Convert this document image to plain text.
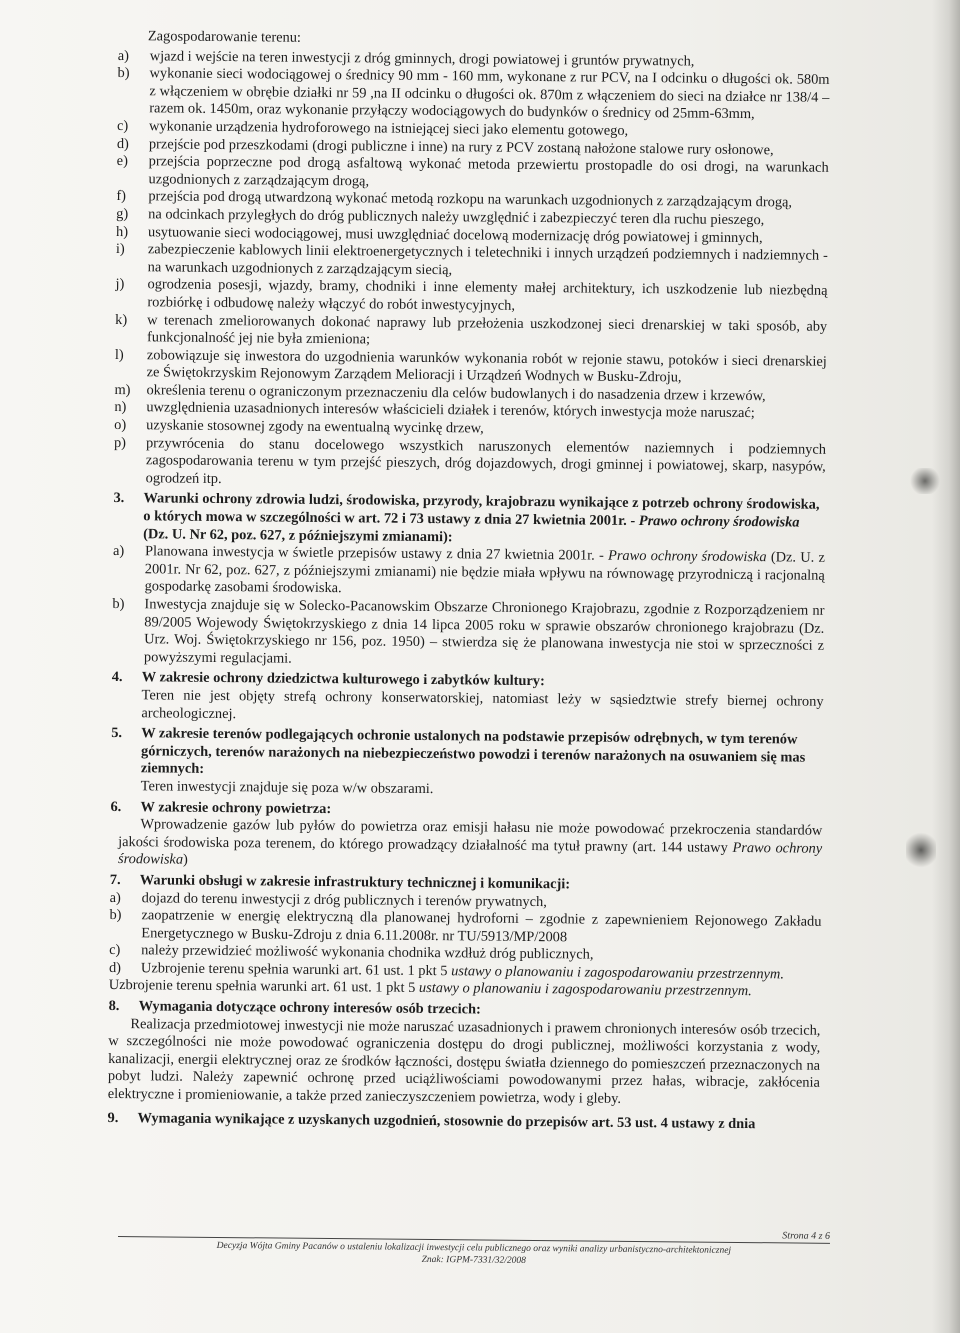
Zagospodarowanie terenu:
a)	wjazd i wejście na teren inwestycji z dróg gminnych, drogi powiatowej i gruntów prywatnych,
b)	wykonanie sieci wodociągowej o średnicy 90 mm - 160 mm, wykonane z rur PCV, na I odcinku o długości ok. 580m z włączeniem w obrębie działki nr 59 ,na II odcinku o długości ok. 870m z włączeniem do sieci na działce nr 138/4 – razem ok. 1450m, oraz wykonanie przyłączy wodociągowych do budynków o średnicy od 25mm-63mm,
c)	wykonanie urządzenia hydroforowego na istniejącej sieci jako elementu gotowego,
d)	przejście pod przeszkodami (drogi publiczne i inne) na rury z PCV zostaną nałożone stalowe rury osłonowe,
e)	przejścia poprzeczne pod drogą asfaltową wykonać metoda przewiertu prostopadle do osi drogi, na warunkach uzgodnionych z zarządzającym drogą,
f)	przejścia pod drogą utwardzoną wykonać metodą rozkopu na warunkach uzgodnionych z zarządzającym drogą,
g)	na odcinkach przyległych do dróg publicznych należy uwzględnić i zabezpieczyć teren dla ruchu pieszego,
h)	usytuowanie sieci wodociągowej, musi uwzględniać docelową modernizację dróg powiatowej i gminnych,
i)	zabezpieczenie kablowych linii elektroenergetycznych i teletechniki i innych urządzeń podziemnych i nadziemnych - na warunkach uzgodnionych z zarządzającym siecią,
j)	ogrodzenia posesji, wjazdy, bramy, chodniki i inne elementy małej architektury, ich uszkodzenie lub niezbędną rozbiórkę i odbudowę należy włączyć do robót inwestycyjnych,
k)	w terenach zmeliorowanych dokonać naprawy lub przełożenia uszkodzonej sieci drenarskiej w taki sposób, aby funkcjonalność jej nie była zmieniona;
l)	zobowiązuje się inwestora do uzgodnienia warunków wykonania robót w rejonie stawu, potoków i sieci drenarskiej ze Świętokrzyskim Rejonowym Zarządem Melioracji i Urządzeń Wodnych w Busku-Zdroju,
m)	określenia terenu o ograniczonym przeznaczeniu dla celów budowlanych i do nasadzenia drzew i krzewów,
n)	uwzględnienia uzasadnionych interesów właścicieli działek i terenów, których inwestycja może naruszać;
o)	uzyskanie stosownej zgody na ewentualną wycinkę drzew,
p)	przywrócenia do stanu docelowego wszystkich naruszonych elementów naziemnych i podziemnych zagospodarowania terenu w tym przejść pieszych, dróg dojazdowych, drogi gminnej i powiatowej, skarp, nasypów, ogrodzeń itp.
3.	Warunki ochrony zdrowia ludzi, środowiska, przyrody, krajobrazu wynikające z potrzeb ochrony środowiska, o których mowa w szczególności w art. 72 i 73 ustawy z dnia 27 kwietnia 2001r. - Prawo ochrony środowiska (Dz. U. Nr 62, poz. 627, z późniejszymi zmianami):
a)	Planowana inwestycja w świetle przepisów ustawy z dnia 27 kwietnia 2001r. - Prawo ochrony środowiska (Dz. U. z 2001r. Nr 62, poz. 627, z późniejszymi zmianami) nie będzie miała wpływu na równowagę przyrodniczą i racjonalną gospodarkę zasobami środowiska.
b)	Inwestycja znajduje się w Solecko-Pacanowskim Obszarze Chronionego Krajobrazu, zgodnie z Rozporządzeniem nr 89/2005 Wojewody Świętokrzyskiego z dnia 14 lipca 2005 roku w sprawie obszarów chronionego krajobrazu (Dz. Urz. Woj. Świętokrzyskiego nr 156, poz. 1950) – stwierdza się że planowana inwestycja nie stoi w sprzeczności z powyższymi regulacjami.
4.	W zakresie ochrony dziedzictwa kulturowego i zabytków kultury:
Teren nie jest objęty strefą ochrony konserwatorskiej, natomiast leży w sąsiedztwie strefy biernej ochrony archeologicznej.
5.	W zakresie terenów podlegających ochronie ustalonych na podstawie przepisów odrębnych, w tym terenów górniczych, terenów narażonych na niebezpieczeństwo powodzi i terenów narażonych na osuwaniem się mas ziemnych:
Teren inwestycji znajduje się poza w/w obszarami.
6.	W zakresie ochrony powietrza:
Wprowadzenie gazów lub pyłów do powietrza oraz emisji hałasu nie może powodować przekroczenia standardów jakości środowiska poza terenem, do którego prowadzący działalność ma tytuł prawny (art. 144 ustawy Prawo ochrony środowiska)
7.	Warunki obsługi w zakresie infrastruktury technicznej i komunikacji:
a)	dojazd do terenu inwestycji z dróg publicznych i terenów prywatnych,
b)	zaopatrzenie w energię elektryczną dla planowanej hydroforni – zgodnie z zapewnieniem Rejonowego Zakładu Energetycznego w Busku-Zdroju z dnia 6.11.2008r. nr TU/5913/MP/2008
c)	należy przewidzieć możliwość wykonania chodnika wzdłuż dróg publicznych,
d)	Uzbrojenie terenu spełnia warunki art. 61 ust. 1 pkt 5 ustawy o planowaniu i zagospodarowaniu przestrzennym.
Uzbrojenie terenu spełnia warunki art. 61 ust. 1 pkt 5 ustawy o planowaniu i zagospodarowaniu przestrzennym.
8.	Wymagania dotyczące ochrony interesów osób trzecich:
Realizacja przedmiotowej inwestycji nie może naruszać uzasadnionych i prawem chronionych interesów osób trzecich, w szczególności nie może powodować ograniczenia dostępu do drogi publicznej, możliwości korzystania z wody, kanalizacji, energii elektrycznej oraz ze środków łączności, dostępu światła dziennego do pomieszczeń przeznaczonych na pobyt ludzi. Należy zapewnić ochronę przed uciążliwościami powodowanymi przez hałas, wibracje, zakłócenia elektryczne i promieniowanie, a także przed zanieczyszczeniem powietrza, wody i gleby.
9.	Wymagania wynikające z uzyskanych uzgodnień, stosownie do przepisów art. 53 ust. 4 ustawy z dnia
Strona 4 z 6
Decyzja Wójta Gminy Pacanów o ustaleniu lokalizacji inwestycji celu publicznego oraz wyniki analizy urbanistyczno-architektonicznej
Znak: IGPM-7331/32/2008
